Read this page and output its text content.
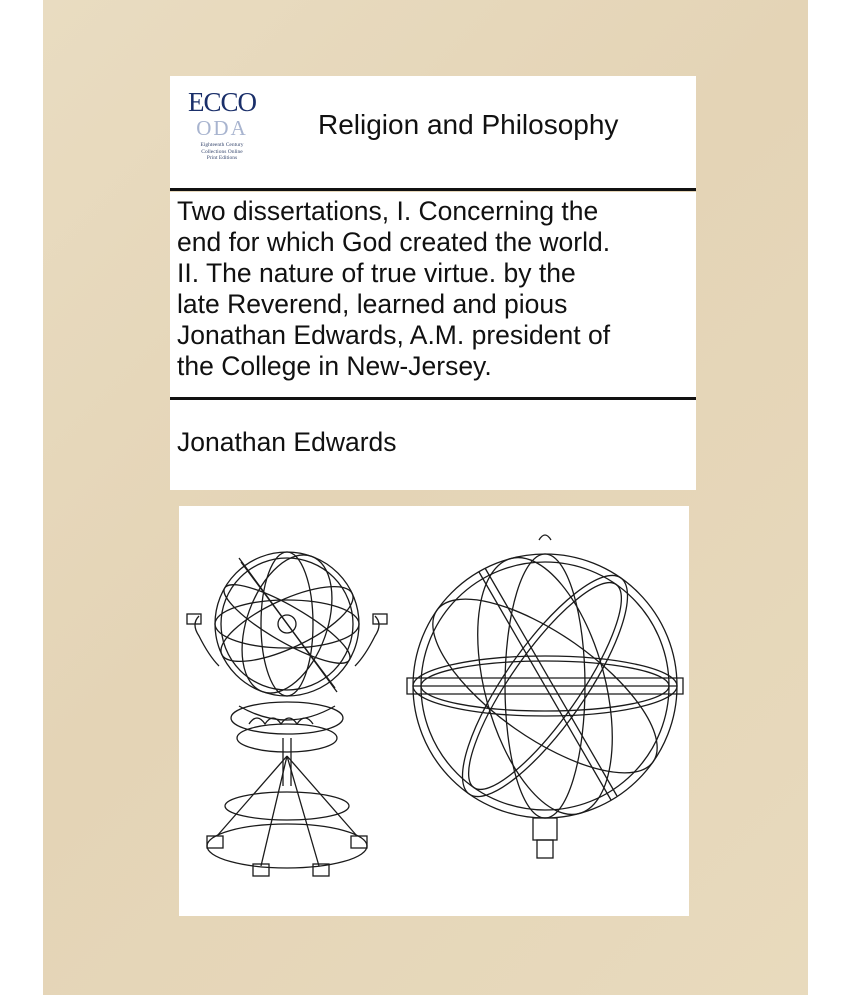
ECCO
ODA
Eighteenth Century
Collections Online
Print Editions
Religion and Philosophy
Two dissertations, I. Concerning the
end for which God created the world.
II. The nature of true virtue. by the
late Reverend, learned and pious
Jonathan Edwards, A.M. president of
the College in New-Jersey.
Jonathan Edwards
